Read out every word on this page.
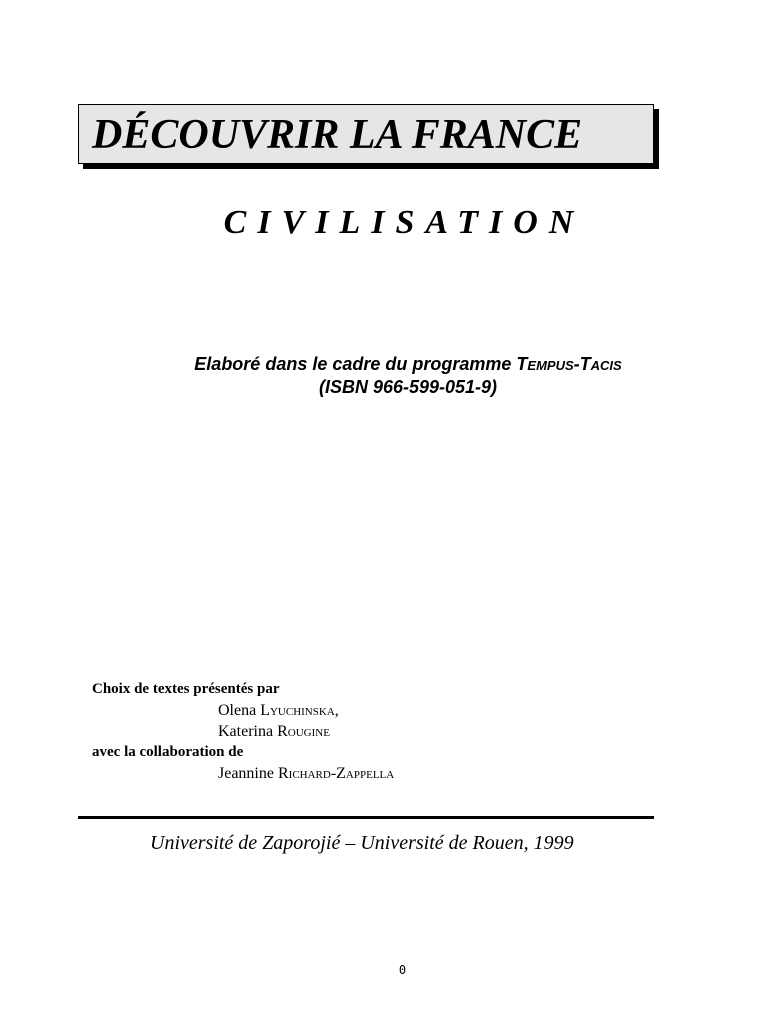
DÉCOUVRIR LA FRANCE
CIVILISATION
Elaboré dans le cadre du programme Tempus-Tacis
(ISBN 966-599-051-9)
Choix de textes présentés par
Olena Lyuchinska,
Katerina Rougine
avec la collaboration de
Jeannine Richard-Zappella
Université de Zaporojié – Université de Rouen, 1999
0
